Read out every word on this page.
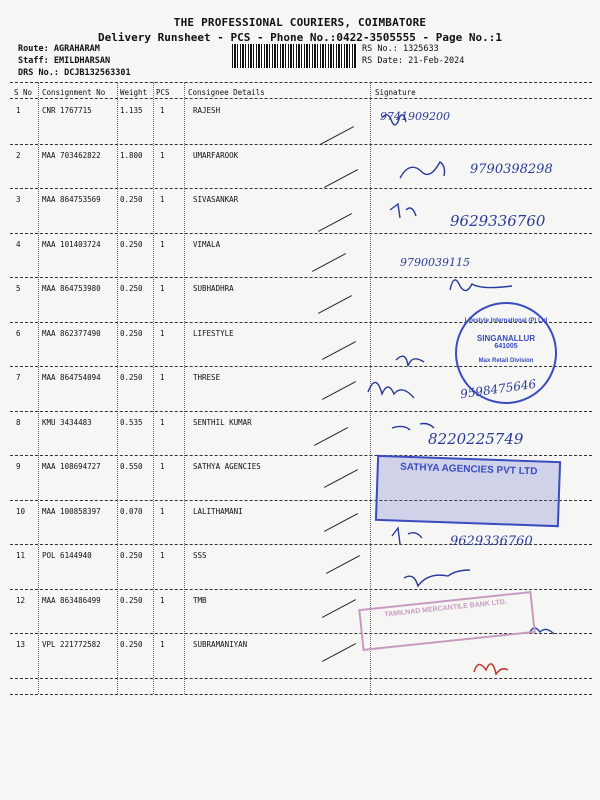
THE PROFESSIONAL COURIERS, COIMBATORE
Delivery Runsheet - PCS - Phone No.:0422-3505555 - Page No.:1
Route: AGRAHARAM
Staff: EMILDHARSAN
DRS No.: DCJB132563301
RS No.: 1325633
RS Date: 21-Feb-2024
S No Consignment No Weight PCS Consignee Details	Signature
1	CNR 1767715	1.135 1	RAJESH
2	MAA 703462822	1.800 1	UMARFAROOK
3	MAA 864753569	0.250 1	SIVASANKAR
4	MAA 101403724	0.250 1	VIMALA
5	MAA 864753980	0.250 1	SUBHADHRA
6	MAA 862377490	0.250 1	LIFESTYLE
7	MAA 864754094	0.250 1	THRESE
8	KMU 3434483	0.535 1	SENTHIL KUMAR
9	MAA 108694727	0.550 1	SATHYA AGENCIES
10 MAA 100858397	0.070 1	LALITHAMANI
11 POL 6144940	0.250 1	SSS
12 MAA 863486499	0.250 1	TMB
13 VPL 221772582	0.250 1	SUBRAMANIYAN
9741909200
9790398298
9629336760
9790039115
9598475646
8220225749
9629336760
Lifestyle International (P) Ltd
SINGANALLUR
641005
Max Retail Division
SATHYA AGENCIES PVT LTD
TAMILNAD MERCANTILE BANK LTD.
